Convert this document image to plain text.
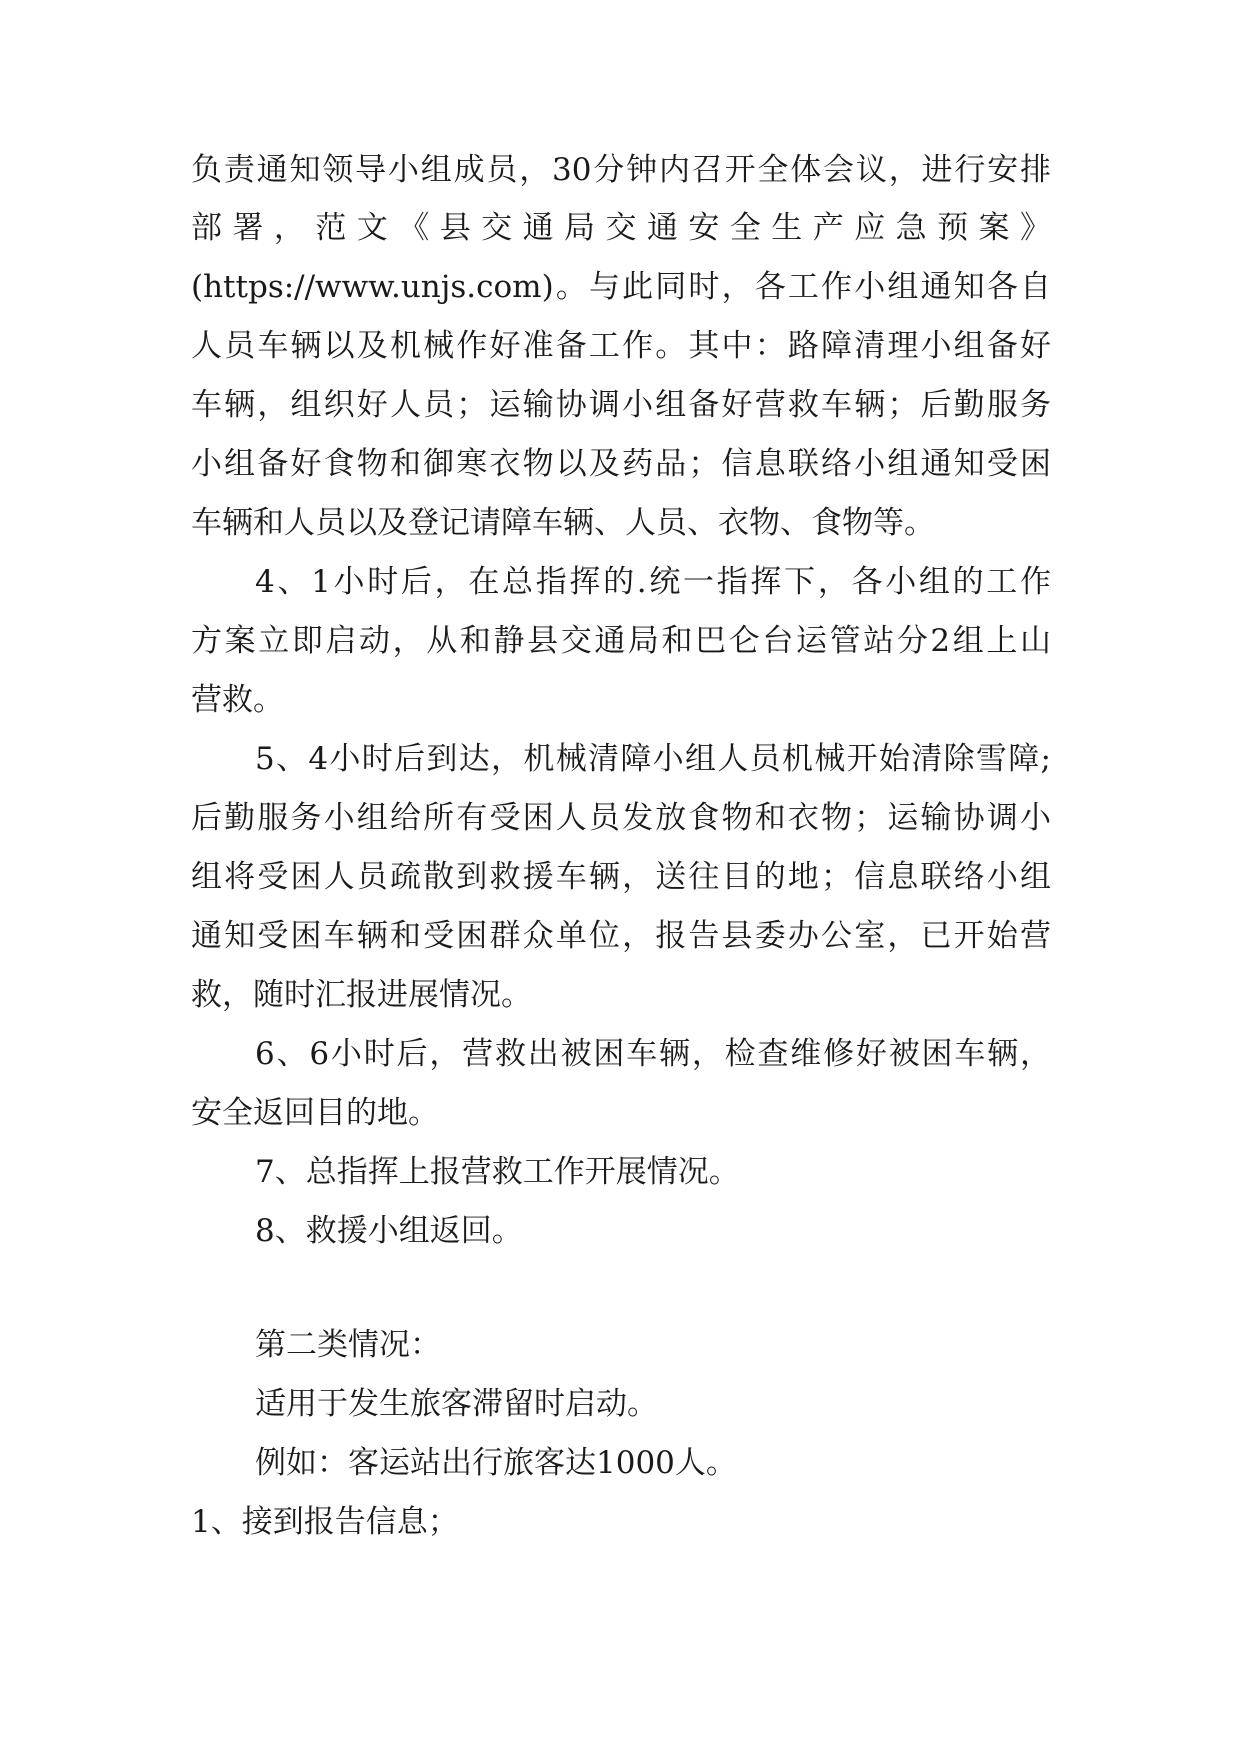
负责通知领导小组成员，30分钟内召开全体会议，进行安排
部署，范文《县交通局交通安全生产应急预案》
(https://www.unjs.com)。与此同时，各工作小组通知各自
人员车辆以及机械作好准备工作。其中：路障清理小组备好
车辆，组织好人员；运输协调小组备好营救车辆；后勤服务
小组备好食物和御寒衣物以及药品；信息联络小组通知受困
车辆和人员以及登记请障车辆、人员、衣物、食物等。
4、1小时后，在总指挥的.统一指挥下，各小组的工作
方案立即启动，从和静县交通局和巴仑台运管站分2组上山
营救。
5、4小时后到达，机械清障小组人员机械开始清除雪障;
后勤服务小组给所有受困人员发放食物和衣物；运输协调小
组将受困人员疏散到救援车辆，送往目的地；信息联络小组
通知受困车辆和受困群众单位，报告县委办公室，已开始营
救，随时汇报进展情况。
6、6小时后，营救出被困车辆，检查维修好被困车辆，
安全返回目的地。
7、总指挥上报营救工作开展情况。
8、救援小组返回。
第二类情况：
适用于发生旅客滞留时启动。
例如：客运站出行旅客达1000人。
1、接到报告信息；
